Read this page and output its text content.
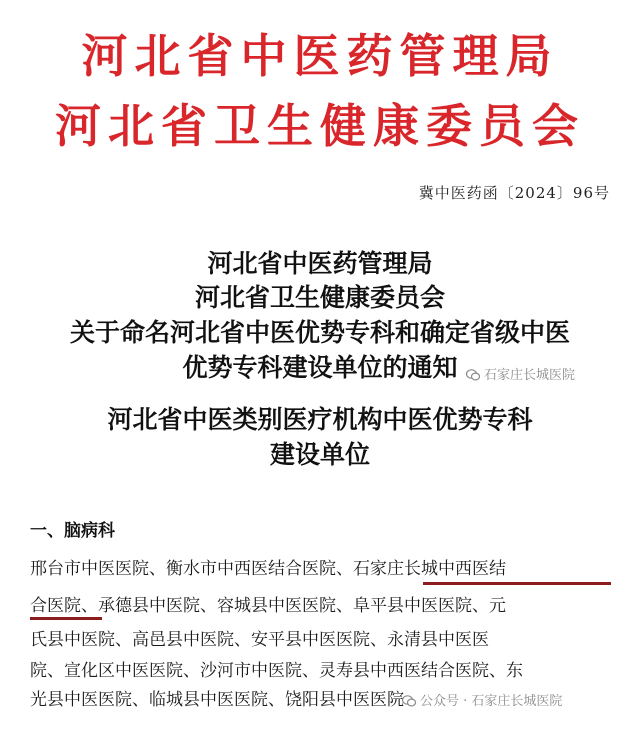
河北省中医药管理局
河北省卫生健康委员会
冀中医药函〔2024〕96号
河北省中医药管理局
河北省卫生健康委员会
关于命名河北省中医优势专科和确定省级中医
优势专科建设单位的通知	石家庄长城医院
河北省中医类别医疗机构中医优势专科
建设单位
一、脑病科
邢台市中医医院、衡水市中西医结合医院、石家庄长城中西医结
合医院、承德县中医院、容城县中医医院、阜平县中医医院、元
氏县中医院、高邑县中医院、安平县中医医院、永清县中医医
院、宣化区中医医院、沙河市中医院、灵寿县中西医结合医院、东
光县中医医院、临城县中医医院、饶阳县中医医院	公众号 · 石家庄长城医院
